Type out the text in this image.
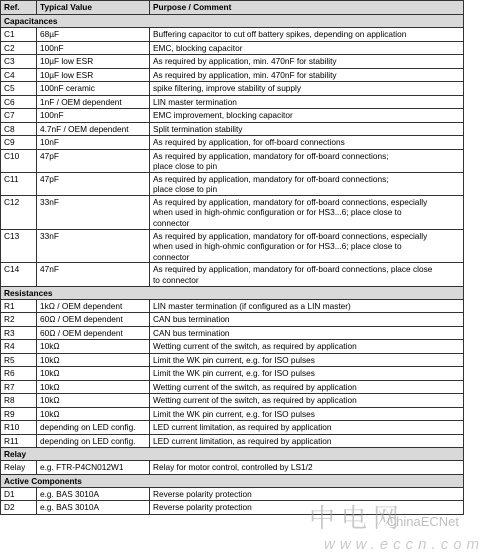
Ref.	Typical Value	Purpose / Comment
Capacitances		
C1	68µF	Buffering capacitor to cut off battery spikes, depending on application
C2	100nF	EMC, blocking capacitor
C3	10µF low ESR	As required by application, min. 470nF for stability
C4	10µF low ESR	As required by application, min. 470nF for stability
C5	100nF ceramic	spike filtering, improve stability of supply
C6	1nF / OEM dependent	LIN master termination
C7	100nF	EMC improvement, blocking capacitor
C8	4.7nF / OEM dependent	Split termination stability
C9	10nF	As required by application, for off-board connections
C10	47pF	As required by application, mandatory for off-board connections;
place close to pin
C11	47pF	As required by application, mandatory for off-board connections;
place close to pin
C12	33nF	As required by application, mandatory for off-board connections, especially
when used in high-ohmic configuration or for HS3...6; place close to
connector
C13	33nF	As required by application, mandatory for off-board connections, especially
when used in high-ohmic configuration or for HS3...6; place close to
connector
C14	47nF	As required by application, mandatory for off-board connections, place close
to connector
Resistances		
R1	1kΩ / OEM dependent	LIN master termination (if configured as a LIN master)
R2	60Ω / OEM dependent	CAN bus termination
R3	60Ω / OEM dependent	CAN bus termination
R4	10kΩ	Wetting current of the switch, as required by application
R5	10kΩ	Limit the WK pin current, e.g. for ISO pulses
R6	10kΩ	Limit the WK pin current, e.g. for ISO pulses
R7	10kΩ	Wetting current of the switch, as required by application
R8	10kΩ	Wetting current of the switch, as required by application
R9	10kΩ	Limit the WK pin current, e.g. for ISO pulses
R10	depending on LED config.	LED current limitation, as required by application
R11	depending on LED config.	LED current limitation, as required by application
Relay		
Relay	e.g. FTR-P4CN012W1	Relay for motor control, controlled by LS1/2
Active Components		
D1	e.g. BAS 3010A	Reverse polarity protection
D2	e.g. BAS 3010A	Reverse polarity protection 中电网
ChinaECNet
www.eccn.com
